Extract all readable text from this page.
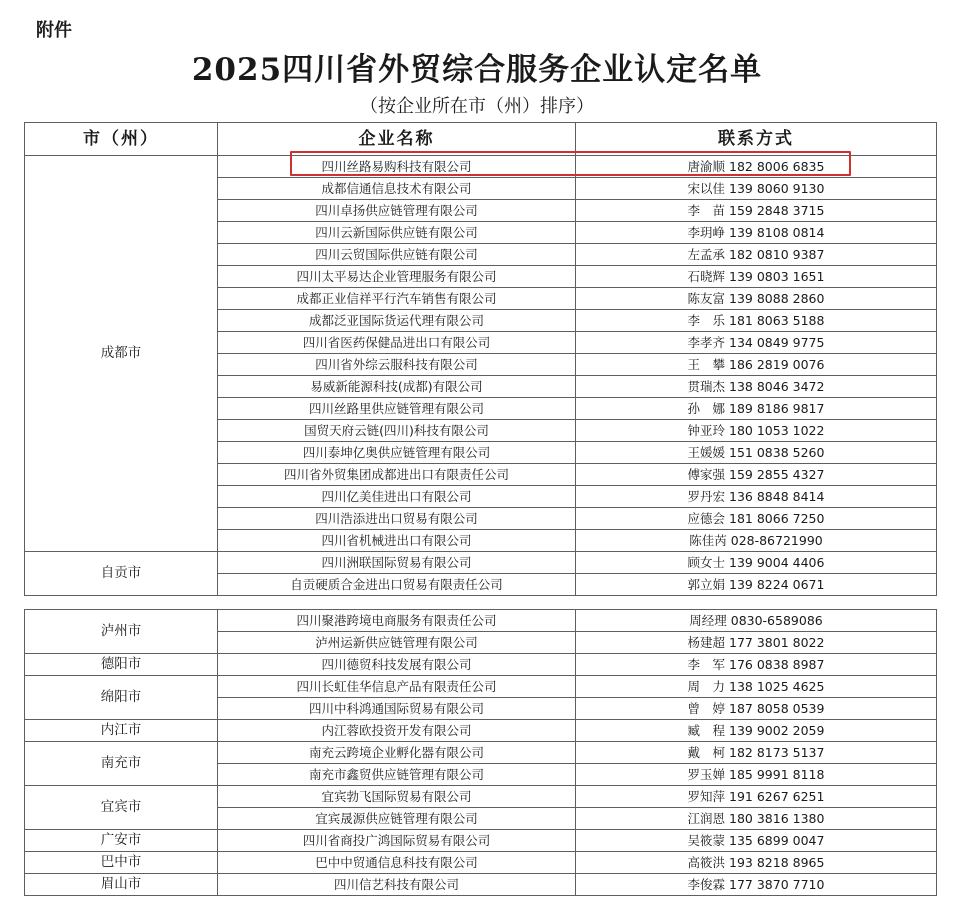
附件
2025四川省外贸综合服务企业认定名单
（按企业所在市（州）排序）
市（州）	企业名称	联系方式
成都市	四川丝路易购科技有限公司	唐渝顺 182 8006 6835
	成都信通信息技术有限公司	宋以佳 139 8060 9130
	四川卓扬供应链管理有限公司	李　苗 159 2848 3715
	四川云新国际供应链有限公司	李玥峥 139 8108 0814
	四川云贸国际供应链有限公司	左孟承 182 0810 9387
	四川太平易达企业管理服务有限公司	石晓辉 139 0803 1651
	成都正业信祥平行汽车销售有限公司	陈友富 139 8088 2860
	成都泛亚国际货运代理有限公司	李　乐 181 8063 5188
	四川省医药保健品进出口有限公司	李孝齐 134 0849 9775
	四川省外综云服科技有限公司	王　攀 186 2819 0076
	易威新能源科技(成都)有限公司	贯瑞杰 138 8046 3472
	四川丝路里供应链管理有限公司	孙　娜 189 8186 9817
	国贸天府云链(四川)科技有限公司	钟亚玲 180 1053 1022
	四川泰坤亿奥供应链管理有限公司	王媛媛 151 0838 5260
	四川省外贸集团成都进出口有限责任公司	傅家强 159 2855 4327
	四川亿美佳进出口有限公司	罗丹宏 136 8848 8414
	四川浩添进出口贸易有限公司	应德会 181 8066 7250
	四川省机械进出口有限公司	陈佳芮 028-86721990
自贡市	四川洲联国际贸易有限公司	顾女士 139 9004 4406
	自贡硬质合金进出口贸易有限责任公司	郭立娟 139 8224 0671
泸州市	四川聚港跨境电商服务有限责任公司	周经理 0830-6589086
	泸州运新供应链管理有限公司	杨建超 177 3801 8022
德阳市	四川德贸科技发展有限公司	李　军 176 0838 8987
绵阳市	四川长虹佳华信息产品有限责任公司	周　力 138 1025 4625
	四川中科鸿通国际贸易有限公司	曾　婷 187 8058 0539
内江市	内江蓉欧投资开发有限公司	臧　程 139 9002 2059
南充市	南充云跨境企业孵化器有限公司	戴　柯 182 8173 5137
	南充市鑫贸供应链管理有限公司	罗玉婵 185 9991 8118
宜宾市	宜宾勃飞国际贸易有限公司	罗知萍 191 6267 6251
	宜宾晟源供应链管理有限公司	江润恩 180 3816 1380
广安市	四川省商投广鸿国际贸易有限公司	吴筱蒙 135 6899 0047
巴中市	巴中中贸通信息科技有限公司	高筱洪 193 8218 8965
眉山市	四川信艺科技有限公司	李俊霖 177 3870 7710
